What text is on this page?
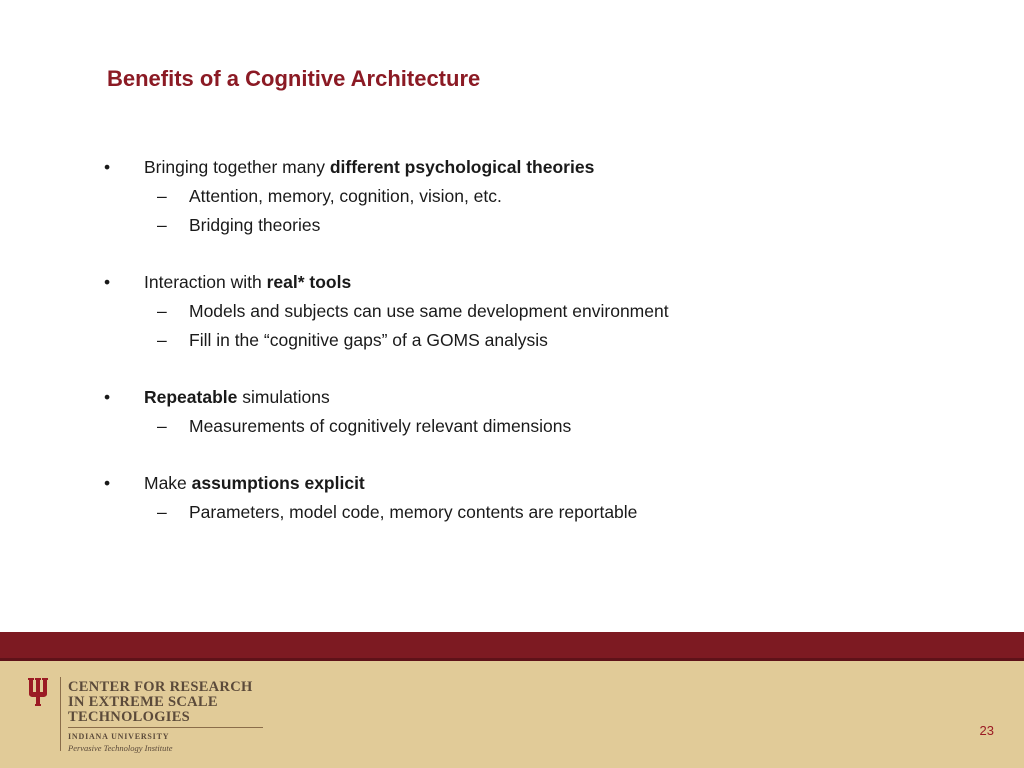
Benefits of a Cognitive Architecture
• Bringing together many different psychological theories
– Attention, memory, cognition, vision, etc.
– Bridging theories
• Interaction with real* tools
– Models and subjects can use same development environment
– Fill in the “cognitive gaps” of a GOMS analysis
• Repeatable simulations
– Measurements of cognitively relevant dimensions
• Make assumptions explicit
– Parameters, model code, memory contents are reportable
CENTER FOR RESEARCH
IN EXTREME SCALE
TECHNOLOGIES
INDIANA UNIVERSITY
Pervasive Technology Institute
23
